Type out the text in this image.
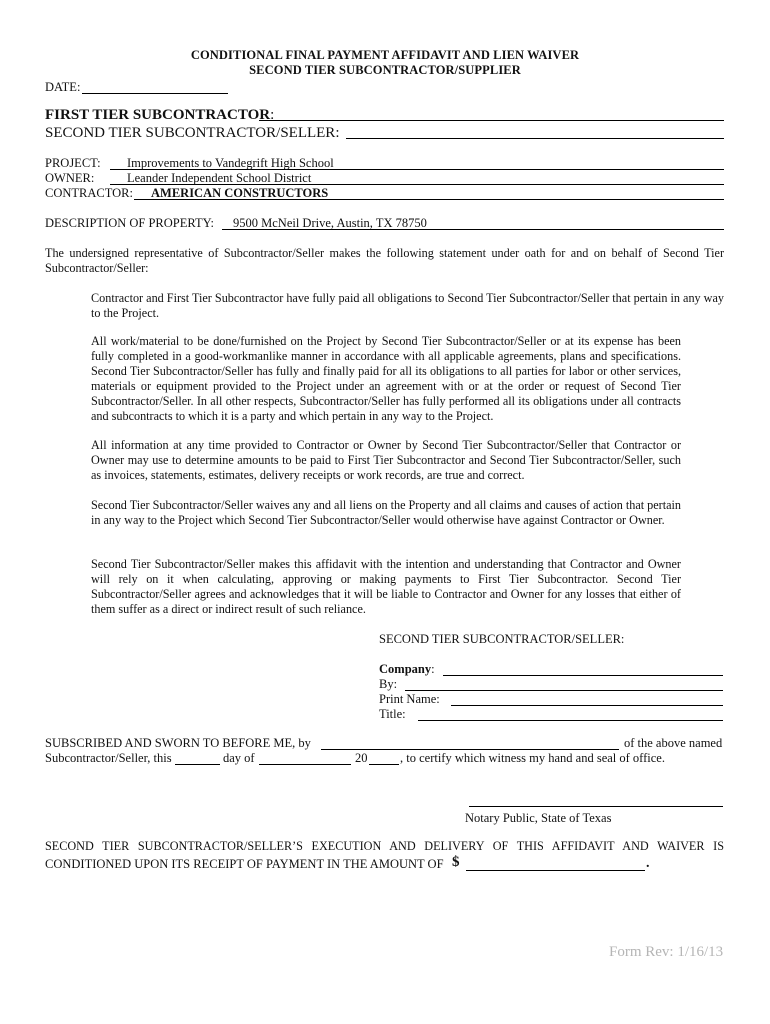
CONDITIONAL FINAL PAYMENT AFFIDAVIT AND LIEN WAIVER
SECOND TIER SUBCONTRACTOR/SUPPLIER
DATE:
FIRST TIER SUBCONTRACTOR:
SECOND TIER SUBCONTRACTOR/SELLER:
PROJECT: Improvements to Vandegrift High School
OWNER:	Leander Independent School District
CONTRACTOR: AMERICAN CONSTRUCTORS
DESCRIPTION OF PROPERTY: 9500 McNeil Drive, Austin, TX 78750
The undersigned representative of Subcontractor/Seller makes the following statement under oath for and on behalf of Second Tier Subcontractor/Seller:
Contractor and First Tier Subcontractor have fully paid all obligations to Second Tier Subcontractor/Seller that pertain in any way to the Project.
All work/material to be done/furnished on the Project by Second Tier Subcontractor/Seller or at its expense has been fully completed in a good-workmanlike manner in accordance with all applicable agreements, plans and specifications. Second Tier Subcontractor/Seller has fully and finally paid for all its obligations to all parties for labor or other services, materials or equipment provided to the Project under an agreement with or at the order or request of Second Tier Subcontractor/Seller. In all other respects, Subcontractor/Seller has fully performed all its obligations under all contracts and subcontracts to which it is a party and which pertain in any way to the Project.
All information at any time provided to Contractor or Owner by Second Tier Subcontractor/Seller that Contractor or Owner may use to determine amounts to be paid to First Tier Subcontractor and Second Tier Subcontractor/Seller, such as invoices, statements, estimates, delivery receipts or work records, are true and correct.
Second Tier Subcontractor/Seller waives any and all liens on the Property and all claims and causes of action that pertain in any way to the Project which Second Tier Subcontractor/Seller would otherwise have against Contractor or Owner.
Second Tier Subcontractor/Seller makes this affidavit with the intention and understanding that Contractor and Owner will rely on it when calculating, approving or making payments to First Tier Subcontractor. Second Tier Subcontractor/Seller agrees and acknowledges that it will be liable to Contractor and Owner for any losses that either of them suffer as a direct or indirect result of such reliance.
SECOND TIER SUBCONTRACTOR/SELLER:
Company:
By:
Print Name:
Title:
SUBSCRIBED AND SWORN TO BEFORE ME, by	of the above named
Subcontractor/Seller, this	day of	20	, to certify which witness my hand and seal of office.
Notary Public, State of Texas
SECOND TIER SUBCONTRACTOR/SELLER’S EXECUTION AND DELIVERY OF THIS AFFIDAVIT AND WAIVER IS
CONDITIONED UPON ITS RECEIPT OF PAYMENT IN THE AMOUNT OF $	.
Form Rev: 1/16/13
